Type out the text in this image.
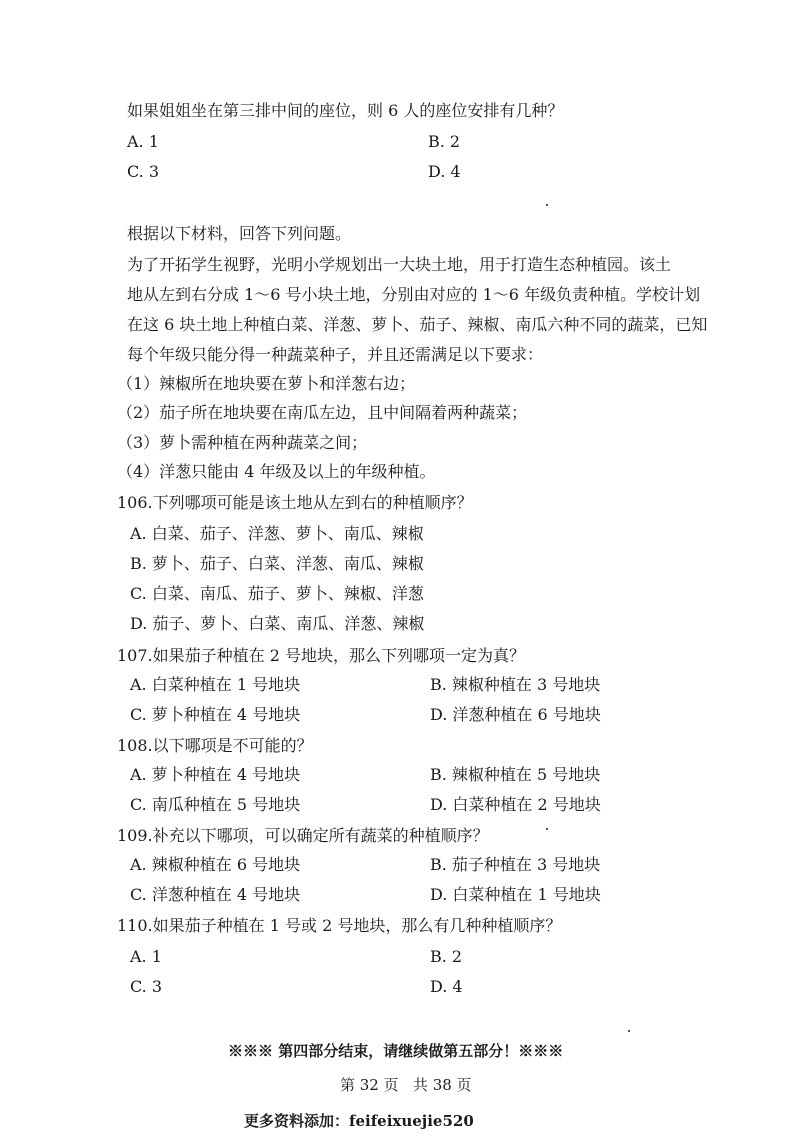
如果姐姐坐在第三排中间的座位，则 6 人的座位安排有几种？
A. 1	B. 2
C. 3	D. 4
根据以下材料，回答下列问题。
为了开拓学生视野，光明小学规划出一大块土地，用于打造生态种植园。该土
地从左到右分成 1～6 号小块土地，分别由对应的 1～6 年级负责种植。学校计划
在这 6 块土地上种植白菜、洋葱、萝卜、茄子、辣椒、南瓜六种不同的蔬菜，已知
每个年级只能分得一种蔬菜种子，并且还需满足以下要求：
（1）辣椒所在地块要在萝卜和洋葱右边；
（2）茄子所在地块要在南瓜左边，且中间隔着两种蔬菜；
（3）萝卜需种植在两种蔬菜之间；
（4）洋葱只能由 4 年级及以上的年级种植。
106.下列哪项可能是该土地从左到右的种植顺序？
A. 白菜、茄子、洋葱、萝卜、南瓜、辣椒
B. 萝卜、茄子、白菜、洋葱、南瓜、辣椒
C. 白菜、南瓜、茄子、萝卜、辣椒、洋葱
D. 茄子、萝卜、白菜、南瓜、洋葱、辣椒
107.如果茄子种植在 2 号地块，那么下列哪项一定为真？
A. 白菜种植在 1 号地块	B. 辣椒种植在 3 号地块
C. 萝卜种植在 4 号地块	D. 洋葱种植在 6 号地块
108.以下哪项是不可能的？
A. 萝卜种植在 4 号地块	B. 辣椒种植在 5 号地块
C. 南瓜种植在 5 号地块	D. 白菜种植在 2 号地块
109.补充以下哪项，可以确定所有蔬菜的种植顺序？
A. 辣椒种植在 6 号地块	B. 茄子种植在 3 号地块
C. 洋葱种植在 4 号地块	D. 白菜种植在 1 号地块
110.如果茄子种植在 1 号或 2 号地块，那么有几种种植顺序？
A. 1	B. 2
C. 3	D. 4
※※※ 第四部分结束，请继续做第五部分！※※※
第 32 页   共 38 页
更多资料添加：feifeixuejie520
